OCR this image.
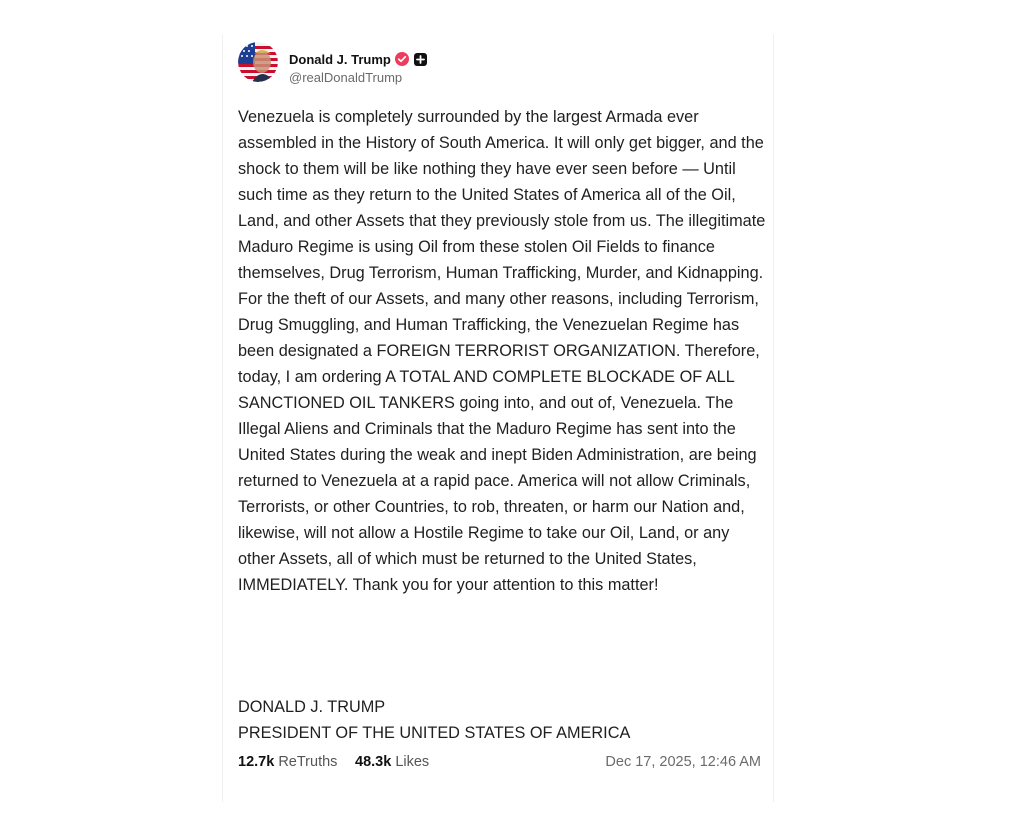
Donald J. Trump
@realDonaldTrump

Venezuela is completely surrounded by the largest Armada ever assembled in the History of South America. It will only get bigger, and the shock to them will be like nothing they have ever seen before — Until such time as they return to the United States of America all of the Oil, Land, and other Assets that they previously stole from us. The illegitimate Maduro Regime is using Oil from these stolen Oil Fields to finance themselves, Drug Terrorism, Human Trafficking, Murder, and Kidnapping. For the theft of our Assets, and many other reasons, including Terrorism, Drug Smuggling, and Human Trafficking, the Venezuelan Regime has been designated a FOREIGN TERRORIST ORGANIZATION. Therefore, today, I am ordering A TOTAL AND COMPLETE BLOCKADE OF ALL SANCTIONED OIL TANKERS going into, and out of, Venezuela. The Illegal Aliens and Criminals that the Maduro Regime has sent into the United States during the weak and inept Biden Administration, are being returned to Venezuela at a rapid pace. America will not allow Criminals, Terrorists, or other Countries, to rob, threaten, or harm our Nation and, likewise, will not allow a Hostile Regime to take our Oil, Land, or any other Assets, all of which must be returned to the United States, IMMEDIATELY. Thank you for your attention to this matter!

DONALD J. TRUMP
PRESIDENT OF THE UNITED STATES OF AMERICA
12.7k ReTruths 48.3k Likes	Dec 17, 2025, 12:46 AM
